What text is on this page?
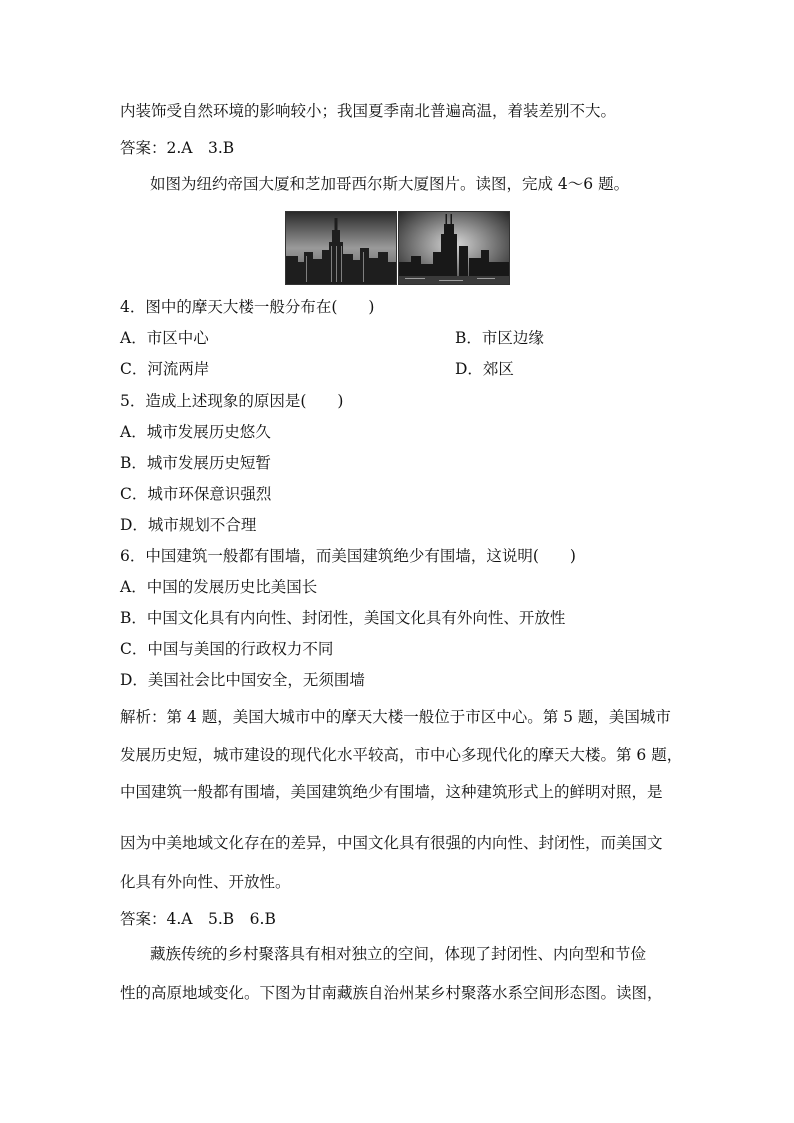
内装饰受自然环境的影响较小；我国夏季南北普遍高温，着装差别不大。
答案：2.A　3.B
如图为纽约帝国大厦和芝加哥西尔斯大厦图片。读图，完成 4～6 题。
4．图中的摩天大楼一般分布在(　　)
A．市区中心	B．市区边缘
C．河流两岸	D．郊区
5．造成上述现象的原因是(　　)
A．城市发展历史悠久
B．城市发展历史短暂
C．城市环保意识强烈
D．城市规划不合理
6．中国建筑一般都有围墙，而美国建筑绝少有围墙，这说明(　　)
A．中国的发展历史比美国长
B．中国文化具有内向性、封闭性，美国文化具有外向性、开放性
C．中国与美国的行政权力不同
D．美国社会比中国安全，无须围墙
解析：第 4 题，美国大城市中的摩天大楼一般位于市区中心。第 5 题，美国城市
发展历史短，城市建设的现代化水平较高，市中心多现代化的摩天大楼。第 6 题，
中国建筑一般都有围墙，美国建筑绝少有围墙，这种建筑形式上的鲜明对照，是
因为中美地域文化存在的差异，中国文化具有很强的内向性、封闭性，而美国文
化具有外向性、开放性。
答案：4.A　5.B　6.B
藏族传统的乡村聚落具有相对独立的空间，体现了封闭性、内向型和节俭
性的高原地域变化。下图为甘南藏族自治州某乡村聚落水系空间形态图。读图，
